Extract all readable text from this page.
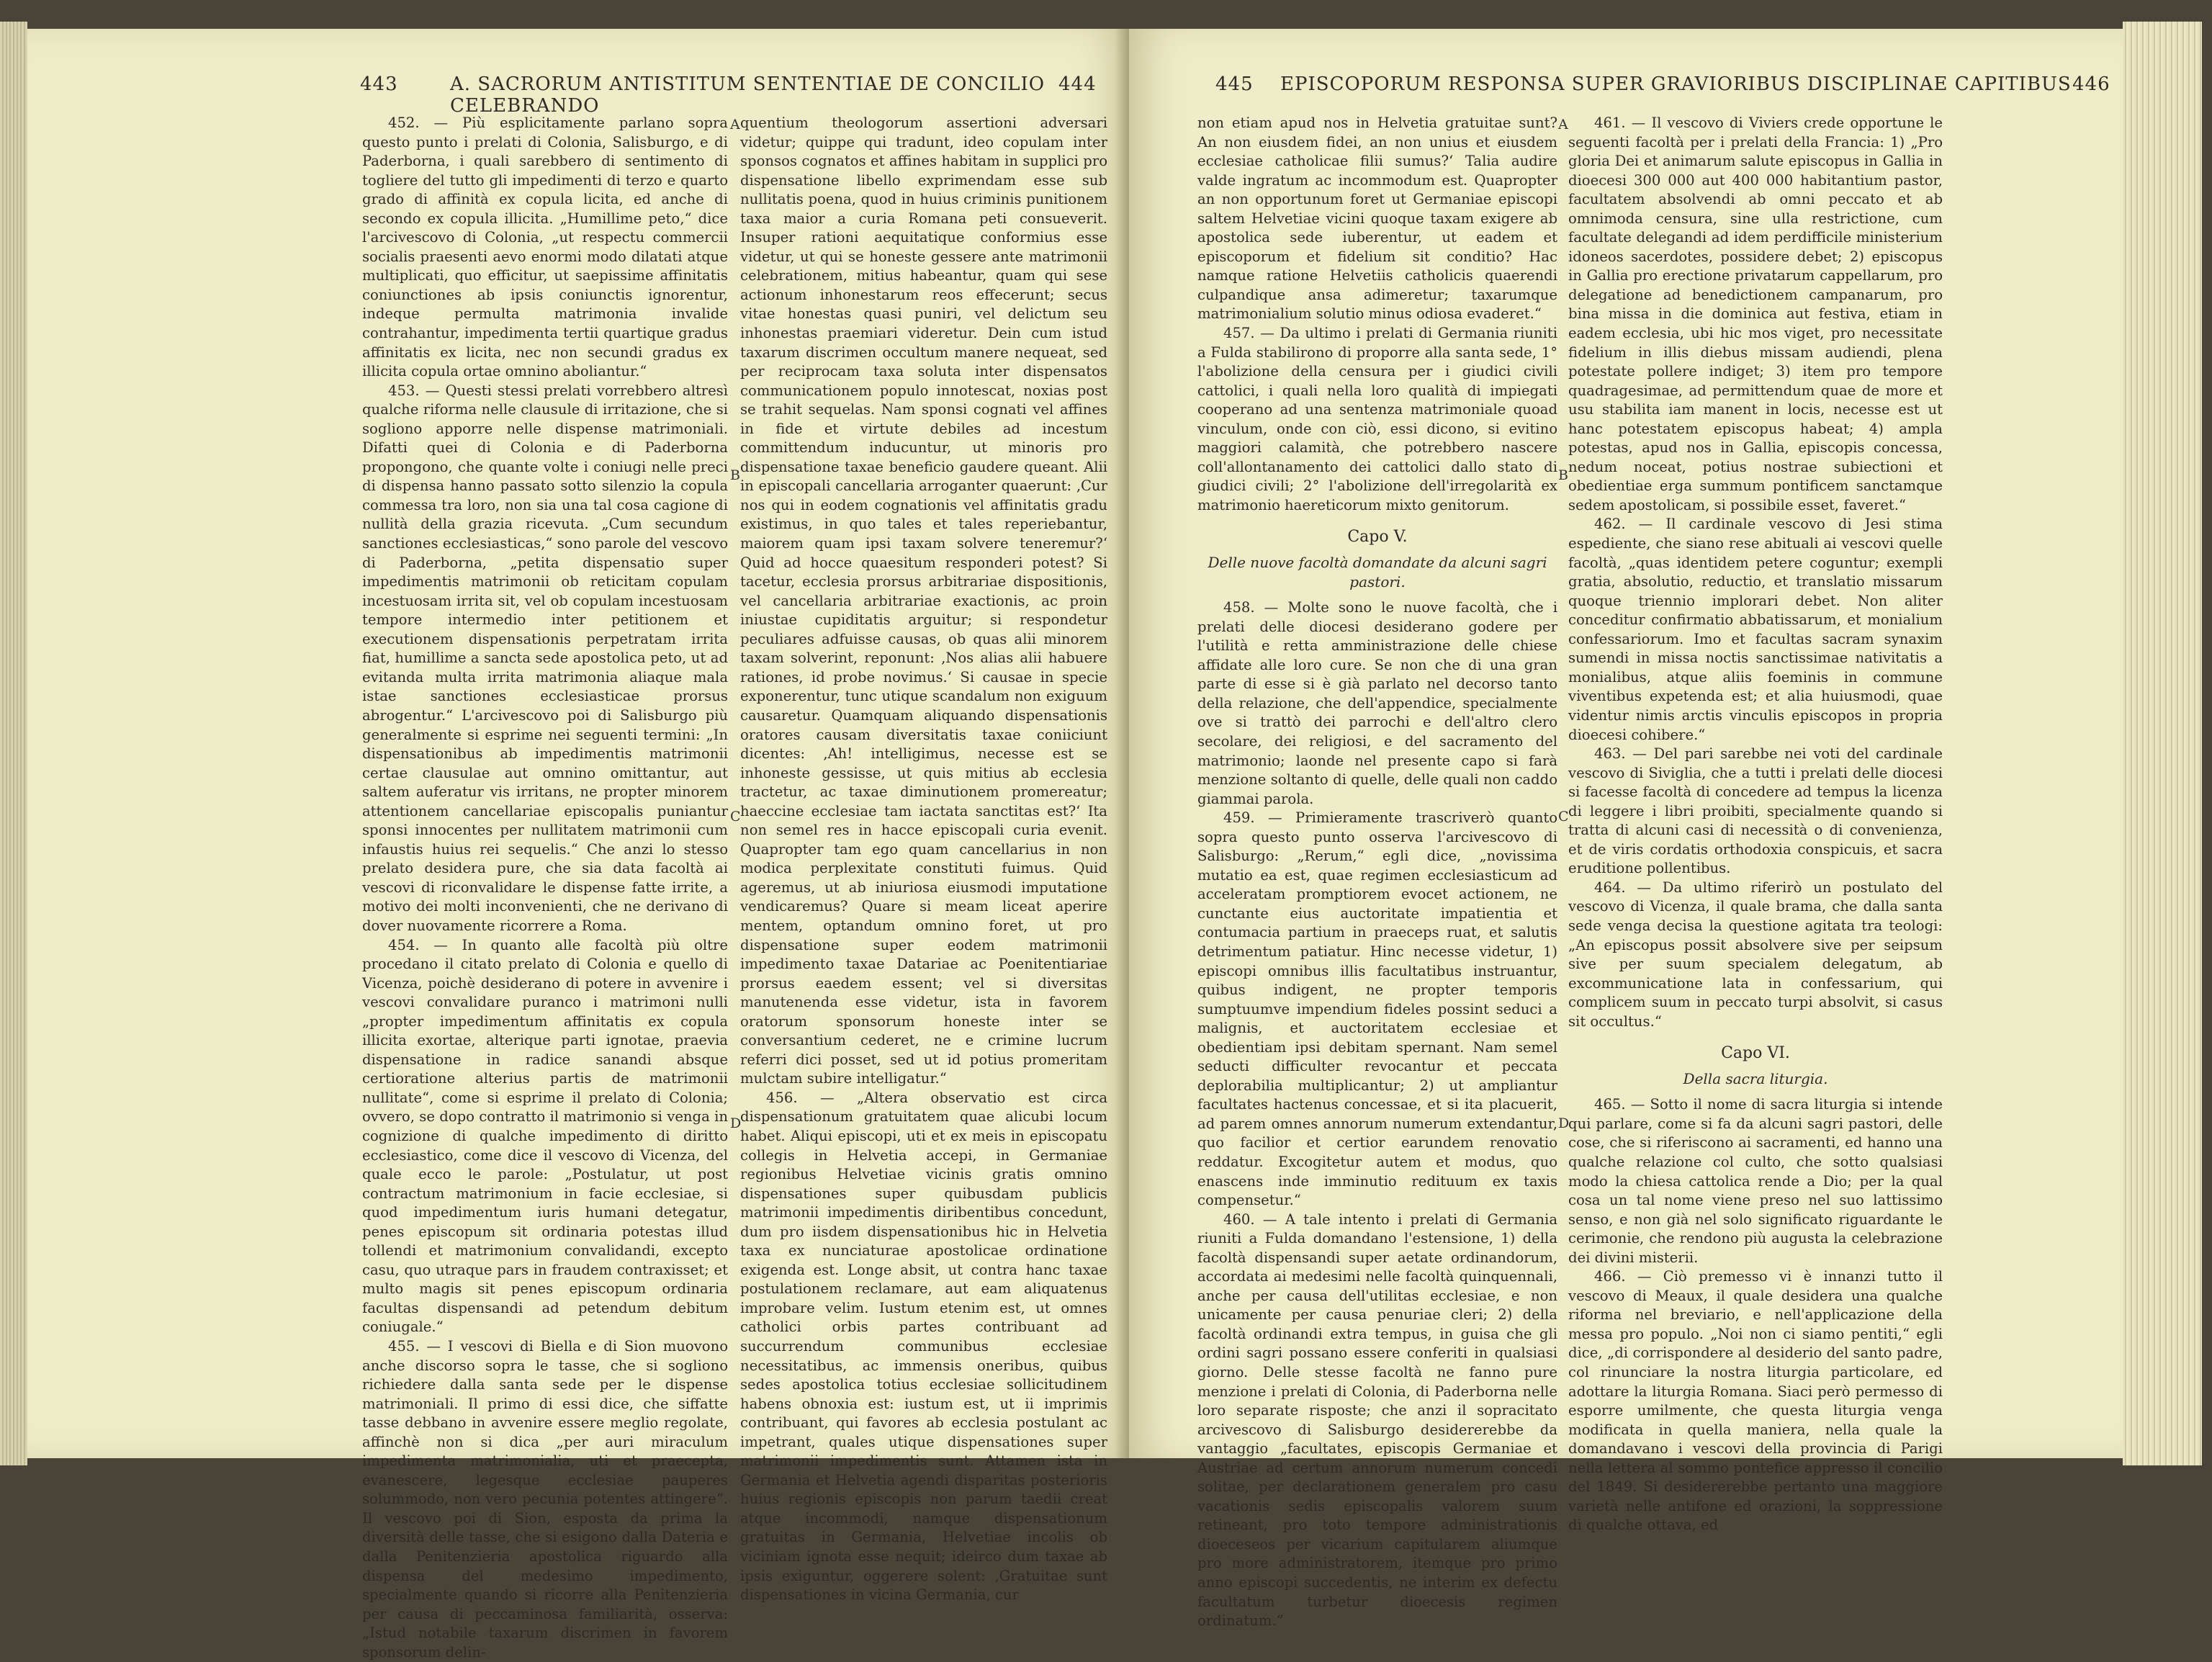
443	A. SACRORUM ANTISTITUM SENTENTIAE DE CONCILIO CELEBRANDO
444

452. — Più esplicitamente parlano sopra questo punto i prelati di Colonia, Salisburgo, e di Paderborna, i quali sarebbero di sentimento di togliere del tutto gli impedimenti di terzo e quarto grado di affinità ex copula licita, ed anche di secondo ex copula illicita. „Humillime peto,“ dice l'arcivescovo di Colonia, „ut respectu commercii socialis praesenti aevo enormi modo dilatati atque multiplicati, quo efficitur, ut saepissime affinitatis coniunctiones ab ipsis coniunctis ignorentur, indeque permulta matrimonia invalide contrahantur, impedimenta tertii quartique gradus affinitatis ex licita, nec non secundi gradus ex illicita copula ortae omnino aboliantur.“

453. — Questi stessi prelati vorrebbero altresì qualche riforma nelle clausule di irritazione, che si sogliono apporre nelle dispense matrimoniali. Difatti quei di Colonia e di Paderborna propongono, che quante volte i coniugi nelle preci di dispensa hanno passato sotto silenzio la copula commessa tra loro, non sia una tal cosa cagione di nullità della grazia ricevuta. „Cum secundum sanctiones ecclesiasticas,“ sono parole del vescovo di Paderborna, „petita dispensatio super impedimentis matrimonii ob reticitam copulam incestuosam irrita sit, vel ob copulam incestuosam tempore intermedio inter petitionem et executionem dispensationis perpetratam irrita fiat, humillime a sancta sede apostolica peto, ut ad evitanda multa irrita matrimonia aliaque mala istae sanctiones ecclesiasticae prorsus abrogentur.“ L'arcivescovo poi di Salisburgo più generalmente si esprime nei seguenti termini: „In dispensationibus ab impedimentis matrimonii certae clausulae aut omnino omittantur, aut saltem auferatur vis irritans, ne propter minorem attentionem cancellariae episcopalis puniantur sponsi innocentes per nullitatem matrimonii cum infaustis huius rei sequelis.“ Che anzi lo stesso prelato desidera pure, che sia data facoltà ai vescovi di riconvalidare le dispense fatte irrite, a motivo dei molti inconvenienti, che ne derivano di dover nuovamente ricorrere a Roma.

454. — In quanto alle facoltà più oltre procedano il citato prelato di Colonia e quello di Vicenza, poichè desiderano di potere in avvenire i vescovi convalidare puranco i matrimoni nulli „propter impedimentum affinitatis ex copula illicita exortae, alterique parti ignotae, praevia dispensatione in radice sanandi absque certioratione alterius partis de matrimonii nullitate“, come si esprime il prelato di Colonia; ovvero, se dopo contratto il matrimonio si venga in cognizione di qualche impedimento di diritto ecclesiastico, come dice il vescovo di Vicenza, del quale ecco le parole: „Postulatur, ut post contractum matrimonium in facie ecclesiae, si quod impedimentum iuris humani detegatur, penes episcopum sit ordinaria potestas illud tollendi et matrimonium convalidandi, excepto casu, quo utraque pars in fraudem contraxisset; et multo magis sit penes episcopum ordinaria facultas dispensandi ad petendum debitum coniugale.“

455. — I vescovi di Biella e di Sion muovono anche discorso sopra le tasse, che si sogliono richiedere dalla santa sede per le dispense matrimoniali. Il primo di essi dice, che siffatte tasse debbano in avvenire essere meglio regolate, affinchè non si dica „per auri miraculum impedimenta matrimonialia, uti et praecepta, evanescere, legesque ecclesiae pauperes solummodo, non vero pecunia potentes attingere“. Il vescovo poi di Sion, esposta da prima la diversità delle tasse, che si esigono dalla Dateria e dalla Penitenzieria apostolica riguardo alla dispensa del medesimo impedimento, specialmente quando si ricorre alla Penitenzieria per causa di peccaminosa familiarità, osserva: „Istud notabile taxarum discrimen in favorem sponsorum delin-

A
B
C
D

quentium theologorum assertioni adversari videtur; quippe qui tradunt, ideo copulam inter sponsos cognatos et affines habitam in supplici pro dispensatione libello exprimendam esse sub nullitatis poena, quod in huius criminis punitionem taxa maior a curia Romana peti consueverit. Insuper rationi aequitatique conformius esse videtur, ut qui se honeste gessere ante matrimonii celebrationem, mitius habeantur, quam qui sese actionum inhonestarum reos effecerunt; secus vitae honestas quasi puniri, vel delictum seu inhonestas praemiari videretur. Dein cum istud taxarum discrimen occultum manere nequeat, sed per reciprocam taxa soluta inter dispensatos communicationem populo innotescat, noxias post se trahit sequelas. Nam sponsi cognati vel affines in fide et virtute debiles ad incestum committendum inducuntur, ut minoris pro dispensatione taxae beneficio gaudere queant. Alii in episcopali cancellaria arroganter quaerunt: ‚Cur nos qui in eodem cognationis vel affinitatis gradu existimus, in quo tales et tales reperiebantur, maiorem quam ipsi taxam solvere teneremur?‘ Quid ad hocce quaesitum responderi potest? Si tacetur, ecclesia prorsus arbitrariae dispositionis, vel cancellaria arbitrariae exactionis, ac proin iniustae cupiditatis arguitur; si respondetur peculiares adfuisse causas, ob quas alii minorem taxam solverint, reponunt: ‚Nos alias alii habuere rationes, id probe novimus.‘ Si causae in specie exponerentur, tunc utique scandalum non exiguum causaretur. Quamquam aliquando dispensationis oratores causam diversitatis taxae coniiciunt dicentes: ‚Ah! intelligimus, necesse est se inhoneste gessisse, ut quis mitius ab ecclesia tractetur, ac taxae diminutionem promereatur; haeccine ecclesiae tam iactata sanctitas est?‘ Ita non semel res in hacce episcopali curia evenit. Quapropter tam ego quam cancellarius in non modica perplexitate constituti fuimus. Quid ageremus, ut ab iniuriosa eiusmodi imputatione vendicaremus? Quare si meam liceat aperire mentem, optandum omnino foret, ut pro dispensatione super eodem matrimonii impedimento taxae Datariae ac Poenitentiariae prorsus eaedem essent; vel si diversitas manutenenda esse videtur, ista in favorem oratorum sponsorum honeste inter se conversantium cederet, ne e crimine lucrum referri dici posset, sed ut id potius promeritam mulctam subire intelligatur.“

456. — „Altera observatio est circa dispensationum gratuitatem quae alicubi locum habet. Aliqui episcopi, uti et ex meis in episcopatu collegis in Helvetia accepi, in Germaniae regionibus Helvetiae vicinis gratis omnino dispensationes super quibusdam publicis matrimonii impedimentis diribentibus concedunt, dum pro iisdem dispensationibus hic in Helvetia taxa ex nunciaturae apostolicae ordinatione exigenda est. Longe absit, ut contra hanc taxae postulationem reclamare, aut eam aliquatenus improbare velim. Iustum etenim est, ut omnes catholici orbis partes contribuant ad succurrendum communibus ecclesiae necessitatibus, ac immensis oneribus, quibus sedes apostolica totius ecclesiae sollicitudinem habens obnoxia est: iustum est, ut ii imprimis contribuant, qui favores ab ecclesia postulant ac impetrant, quales utique dispensationes super matrimonii impedimentis sunt. Attamen ista in Germania et Helvetia agendi disparitas posterioris huius regionis episcopis non parum taedii creat atque incommodi, namque dispensationum gratuitas in Germania, Helvetiae incolis ob viciniam ignota esse nequit; ideirco dum taxae ab ipsis exiguntur, oggerere solent: ‚Gratuitae sunt dispensationes in vicina Germania, cur

445 EPISCOPORUM RESPONSA SUPER GRAVIORIBUS DISCIPLINAE CAPITIBUS 446

non etiam apud nos in Helvetia gratuitae sunt? An non eiusdem fidei, an non unius et eiusdem ecclesiae catholicae filii sumus?‘ Talia audire valde ingratum ac incommodum est. Quapropter an non opportunum foret ut Germaniae episcopi saltem Helvetiae vicini quoque taxam exigere ab apostolica sede iuberentur, ut eadem et episcoporum et fidelium sit conditio? Hac namque ratione Helvetiis catholicis quaerendi culpandique ansa adimeretur; taxarumque matrimonialium solutio minus odiosa evaderet.“

457. — Da ultimo i prelati di Germania riuniti a Fulda stabilirono di proporre alla santa sede, 1° l'abolizione della censura per i giudici civili cattolici, i quali nella loro qualità di impiegati cooperano ad una sentenza matrimoniale quoad vinculum, onde con ciò, essi dicono, si evitino maggiori calamità, che potrebbero nascere coll'allontanamento dei cattolici dallo stato di giudici civili; 2° l'abolizione dell'irregolarità ex matrimonio haereticorum mixto genitorum.

Capo V.
Delle nuove facoltà domandate da alcuni sagri pastori.

458. — Molte sono le nuove facoltà, che i prelati delle diocesi desiderano godere per l'utilità e retta amministrazione delle chiese affidate alle loro cure. Se non che di una gran parte di esse si è già parlato nel decorso tanto della relazione, che dell'appendice, specialmente ove si trattò dei parrochi e dell'altro clero secolare, dei religiosi, e del sacramento del matrimonio; laonde nel presente capo si farà menzione soltanto di quelle, delle quali non caddo giammai parola.

459. — Primieramente trascriverò quanto sopra questo punto osserva l'arcivescovo di Salisburgo: „Rerum,“ egli dice, „novissima mutatio ea est, quae regimen ecclesiasticum ad acceleratam promptiorem evocet actionem, ne cunctante eius auctoritate impatientia et contumacia partium in praeceps ruat, et salutis detrimentum patiatur. Hinc necesse videtur, 1) episcopi omnibus illis facultatibus instruantur, quibus indigent, ne propter temporis sumptuumve impendium fideles possint seduci a malignis, et auctoritatem ecclesiae et obedientiam ipsi debitam spernant. Nam semel seducti difficulter revocantur et peccata deplorabilia multiplicantur; 2) ut ampliantur facultates hactenus concessae, et si ita placuerit, ad parem omnes annorum numerum extendantur, quo facilior et certior earundem renovatio reddatur. Excogitetur autem et modus, quo enascens inde imminutio redituum ex taxis compensetur.“

460. — A tale intento i prelati di Germania riuniti a Fulda domandano l'estensione, 1) della facoltà dispensandi super aetate ordinandorum, accordata ai medesimi nelle facoltà quinquennali, anche per causa dell'utilitas ecclesiae, e non unicamente per causa penuriae cleri; 2) della facoltà ordinandi extra tempus, in guisa che gli ordini sagri possano essere conferiti in qualsiasi giorno. Delle stesse facoltà ne fanno pure menzione i prelati di Colonia, di Paderborna nelle loro separate risposte; che anzi il sopracitato arcivescovo di Salisburgo desidererebbe da vantaggio „facultates, episcopis Germaniae et Austriae ad certum annorum numerum concedi solitae, per declarationem generalem pro casu vacationis sedis episcopalis valorem suum retineant, pro toto tempore administrationis dioeceseos per vicarium capitularem aliumque pro more administratorem, itemque pro primo anno episcopi succedentis, ne interim ex defectu facultatum turbetur dioecesis regimen ordinatum.“

A
B
C
D

461. — Il vescovo di Viviers crede opportune le seguenti facoltà per i prelati della Francia: 1) „Pro gloria Dei et animarum salute episcopus in Gallia in dioecesi 300 000 aut 400 000 habitantium pastor, facultatem absolvendi ab omni peccato et ab omnimoda censura, sine ulla restrictione, cum facultate delegandi ad idem perdifficile ministerium idoneos sacerdotes, possidere debet; 2) episcopus in Gallia pro erectione privatarum cappellarum, pro delegatione ad benedictionem campanarum, pro bina missa in die dominica aut festiva, etiam in eadem ecclesia, ubi hic mos viget, pro necessitate fidelium in illis diebus missam audiendi, plena potestate pollere indiget; 3) item pro tempore quadragesimae, ad permittendum quae de more et usu stabilita iam manent in locis, necesse est ut hanc potestatem episcopus habeat; 4) ampla potestas, apud nos in Gallia, episcopis concessa, nedum noceat, potius nostrae subiectioni et obedientiae erga summum pontificem sanctamque sedem apostolicam, si possibile esset, faveret.“

462. — Il cardinale vescovo di Jesi stima espediente, che siano rese abituali ai vescovi quelle facoltà, „quas identidem petere coguntur; exempli gratia, absolutio, reductio, et translatio missarum quoque triennio implorari debet. Non aliter conceditur confirmatio abbatissarum, et monialium confessariorum. Imo et facultas sacram synaxim sumendi in missa noctis sanctissimae nativitatis a monialibus, atque aliis foeminis in commune viventibus expetenda est; et alia huiusmodi, quae videntur nimis arctis vinculis episcopos in propria dioecesi cohibere.“

463. — Del pari sarebbe nei voti del cardinale vescovo di Siviglia, che a tutti i prelati delle diocesi si facesse facoltà di concedere ad tempus la licenza di leggere i libri proibiti, specialmente quando si tratta di alcuni casi di necessità o di convenienza, et de viris cordatis orthodoxia conspicuis, et sacra eruditione pollentibus.

464. — Da ultimo riferirò un postulato del vescovo di Vicenza, il quale brama, che dalla santa sede venga decisa la questione agitata tra teologi: „An episcopus possit absolvere sive per seipsum sive per suum specialem delegatum, ab excommunicatione lata in confessarium, qui complicem suum in peccato turpi absolvit, si casus sit occultus.“

Capo VI.
Della sacra liturgia.

465. — Sotto il nome di sacra liturgia si intende qui parlare, come si fa da alcuni sagri pastori, delle cose, che si riferiscono ai sacramenti, ed hanno una qualche relazione col culto, che sotto qualsiasi modo la chiesa cattolica rende a Dio; per la qual cosa un tal nome viene preso nel suo lattissimo senso, e non già nel solo significato riguardante le cerimonie, che rendono più augusta la celebrazione dei divini misterii.

466. — Ciò premesso vi è innanzi tutto il vescovo di Meaux, il quale desidera una qualche riforma nel breviario, e nell'applicazione della messa pro populo. „Noi non ci siamo pentiti,“ egli dice, „di corrispondere al desiderio del santo padre, col rinunciare la nostra liturgia particolare, ed adottare la liturgia Romana. Siaci però permesso di esporre umilmente, che questa liturgia venga modificata in quella maniera, nella quale la domandavano i vescovi della provincia di Parigi nella lettera al sommo pontefice appresso il concilio del 1849. Si desidererebbe pertanto una maggiore varietà nelle antifone ed orazioni, la soppressione di qualche ottava, ed
